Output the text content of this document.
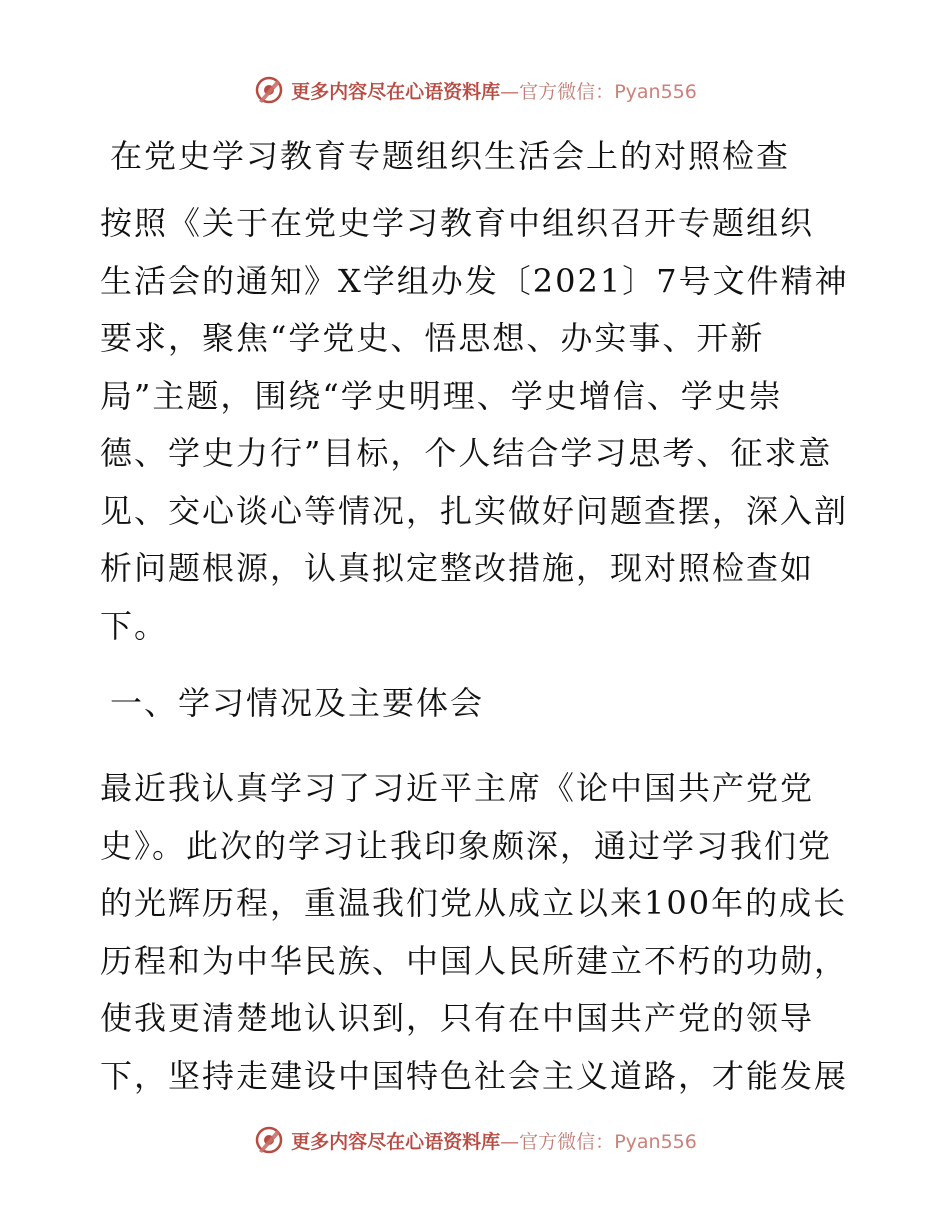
更多内容尽在心语资料库—官方微信：Pyan556
在党史学习教育专题组织生活会上的对照检查
按照《关于在党史学习教育中组织召开专题组织
生活会的通知》X学组办发〔2021〕7号文件精神
要求，聚焦“学党史、悟思想、办实事、开新
局”主题，围绕“学史明理、学史增信、学史崇
德、学史力行”目标，个人结合学习思考、征求意
见、交心谈心等情况，扎实做好问题查摆，深入剖
析问题根源，认真拟定整改措施，现对照检查如
下。
一、学习情况及主要体会
最近我认真学习了习近平主席《论中国共产党党
史》。此次的学习让我印象颇深，通过学习我们党
的光辉历程，重温我们党从成立以来100年的成长
历程和为中华民族、中国人民所建立不朽的功勋，
使我更清楚地认识到，只有在中国共产党的领导
下，坚持走建设中国特色社会主义道路，才能发展
更多内容尽在心语资料库—官方微信：Pyan556
